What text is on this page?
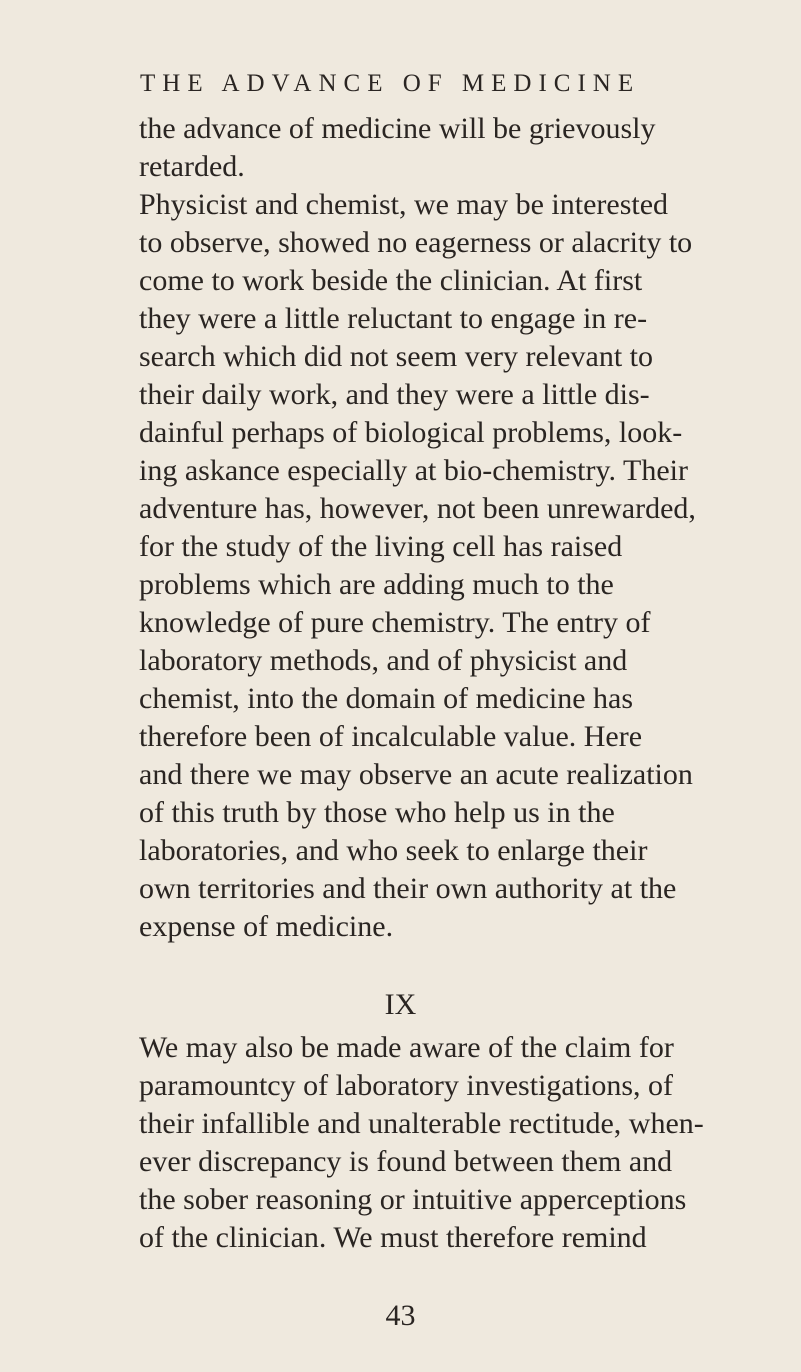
THE ADVANCE OF MEDICINE
the advance of medicine will be grievously
retarded.
Physicist and chemist, we may be interested
to observe, showed no eagerness or alacrity to
come to work beside the clinician. At first
they were a little reluctant to engage in re-
search which did not seem very relevant to
their daily work, and they were a little dis-
dainful perhaps of biological problems, look-
ing askance especially at bio-chemistry. Their
adventure has, however, not been unrewarded,
for the study of the living cell has raised
problems which are adding much to the
knowledge of pure chemistry. The entry of
laboratory methods, and of physicist and
chemist, into the domain of medicine has
therefore been of incalculable value. Here
and there we may observe an acute realization
of this truth by those who help us in the
laboratories, and who seek to enlarge their
own territories and their own authority at the
expense of medicine.
IX
We may also be made aware of the claim for
paramountcy of laboratory investigations, of
their infallible and unalterable rectitude, when-
ever discrepancy is found between them and
the sober reasoning or intuitive apperceptions
of the clinician. We must therefore remind
43
